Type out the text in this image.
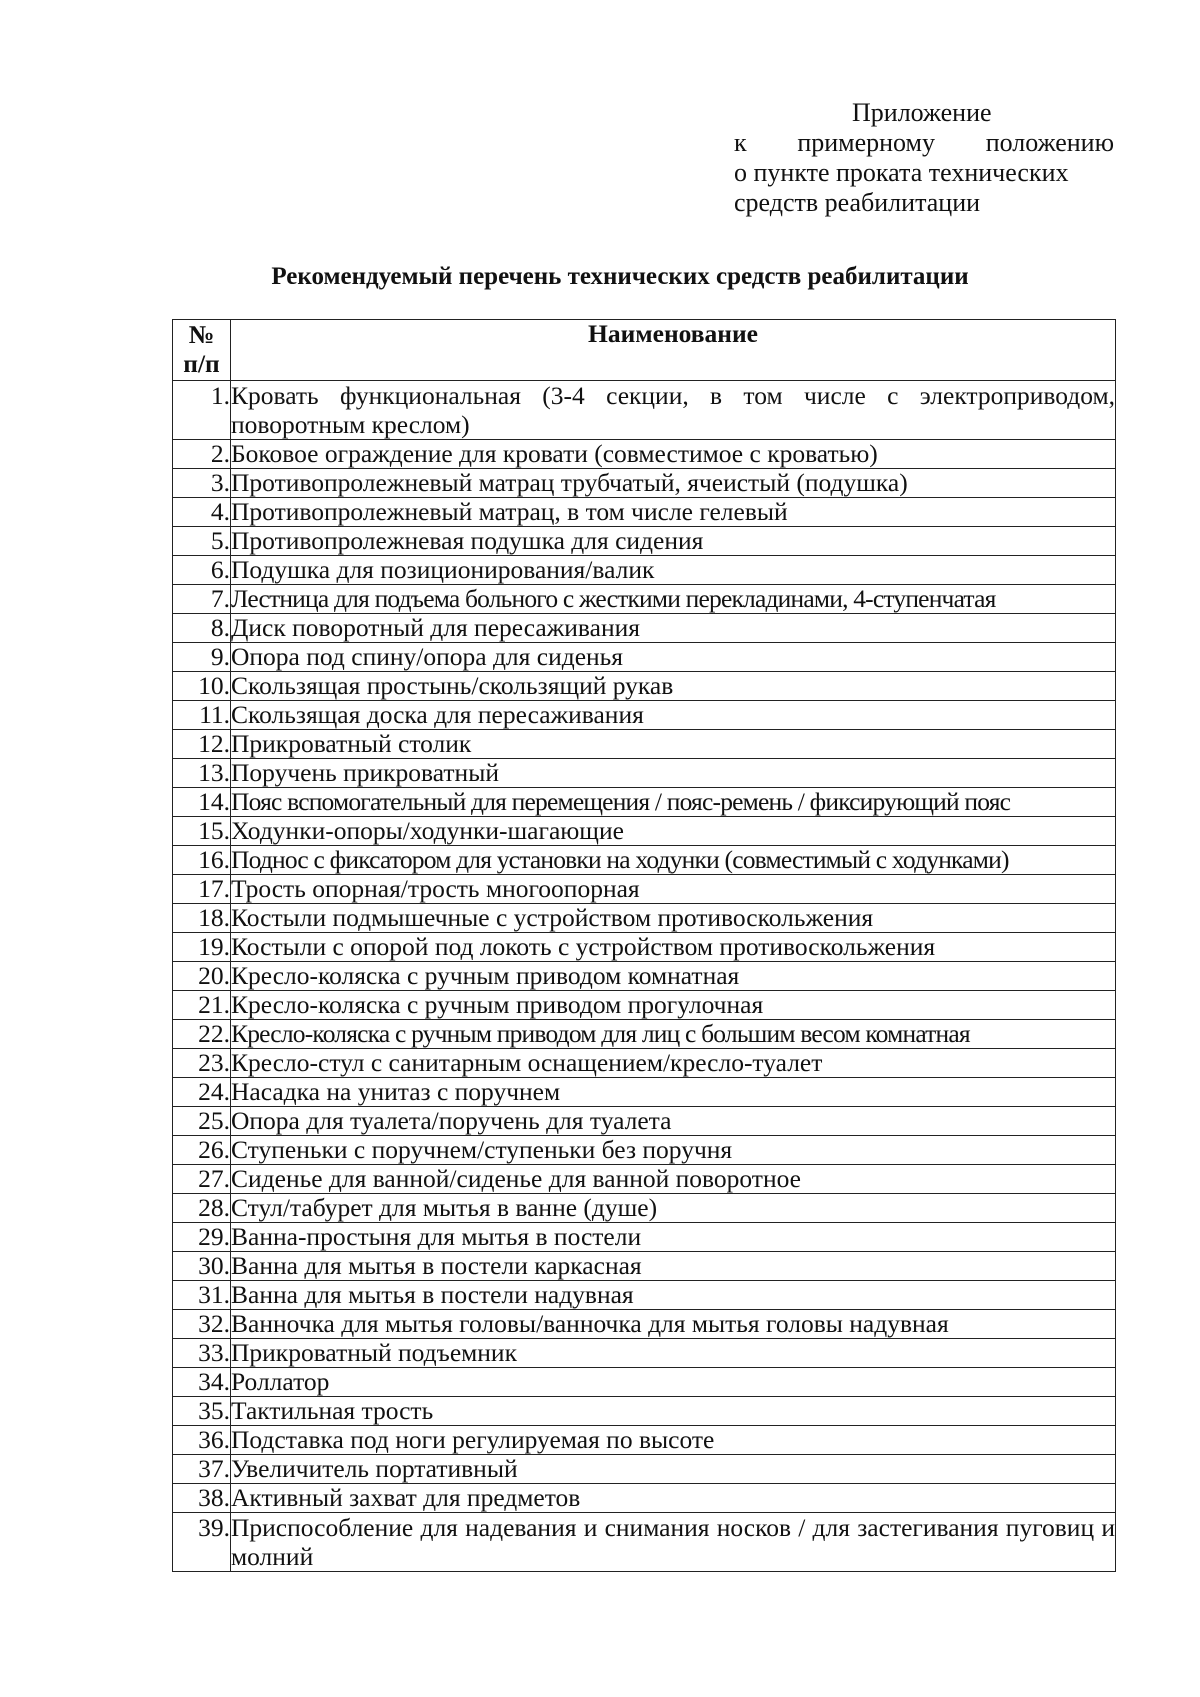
Приложение
к примерному положению
о пункте проката технических
средств реабилитации
Рекомендуемый перечень технических средств реабилитации
№
п/п	Наименование
1.	Кровать функциональная (3-4 секции, в том числе с электроприводом, поворотным креслом)
2.	Боковое ограждение для кровати (совместимое с кроватью)
3.	Противопролежневый матрац трубчатый, ячеистый (подушка)
4.	Противопролежневый матрац, в том числе гелевый
5.	Противопролежневая подушка для сидения
6.	Подушка для позиционирования/валик
7.	Лестница для подъема больного с жесткими перекладинами, 4-ступенчатая
8.	Диск поворотный для пересаживания
9.	Опора под спину/опора для сиденья
10.	Скользящая простынь/скользящий рукав
11.	Скользящая доска для пересаживания
12.	Прикроватный столик
13.	Поручень прикроватный
14.	Пояс вспомогательный для перемещения / пояс-ремень / фиксирующий пояс
15.	Ходунки-опоры/ходунки-шагающие
16.	Поднос с фиксатором для установки на ходунки (совместимый с ходунками)
17.	Трость опорная/трость многоопорная
18.	Костыли подмышечные с устройством противоскольжения
19.	Костыли с опорой под локоть с устройством противоскольжения
20.	Кресло-коляска с ручным приводом комнатная
21.	Кресло-коляска с ручным приводом прогулочная
22.	Кресло-коляска с ручным приводом для лиц с большим весом комнатная
23.	Кресло-стул с санитарным оснащением/кресло-туалет
24.	Насадка на унитаз с поручнем
25.	Опора для туалета/поручень для туалета
26.	Ступеньки с поручнем/ступеньки без поручня
27.	Сиденье для ванной/сиденье для ванной поворотное
28.	Стул/табурет для мытья в ванне (душе)
29.	Ванна-простыня для мытья в постели
30.	Ванна для мытья в постели каркасная
31.	Ванна для мытья в постели надувная
32.	Ванночка для мытья головы/ванночка для мытья головы надувная
33.	Прикроватный подъемник
34.	Роллатор
35.	Тактильная трость
36.	Подставка под ноги регулируемая по высоте
37.	Увеличитель портативный
38.	Активный захват для предметов
39.	Приспособление для надевания и снимания носков / для застегивания пуговиц и молний
